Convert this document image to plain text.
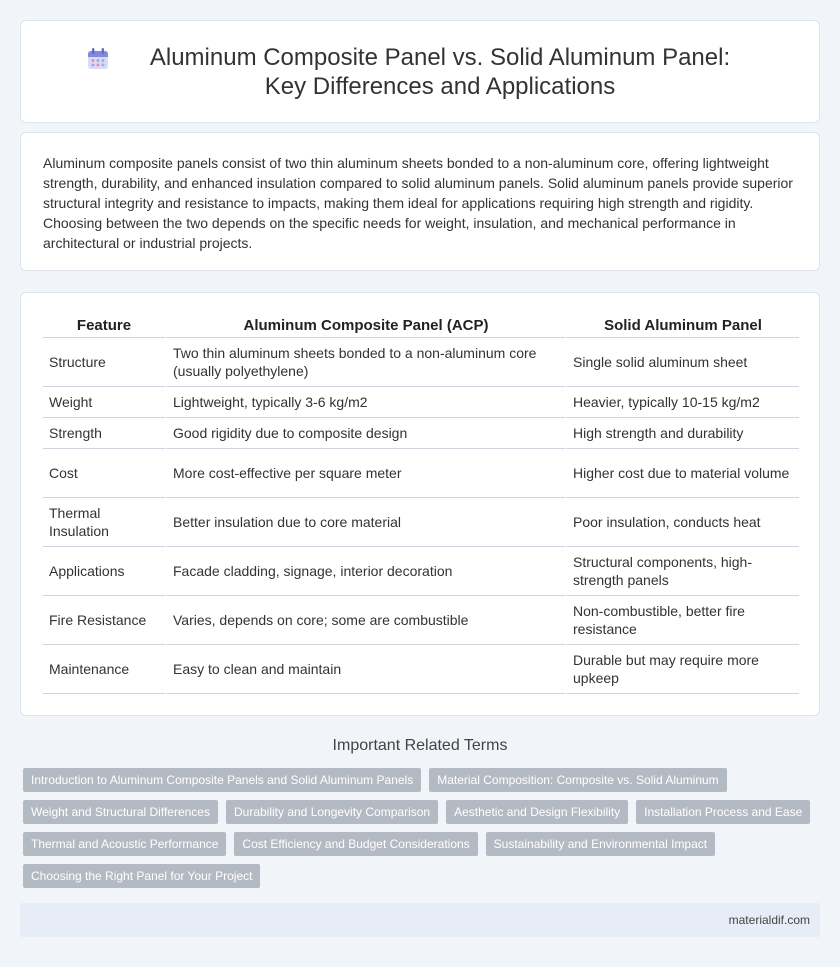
Aluminum Composite Panel vs. Solid Aluminum Panel: Key Differences and Applications

Aluminum composite panels consist of two thin aluminum sheets bonded to a non-aluminum core, offering lightweight strength, durability, and enhanced insulation compared to solid aluminum panels. Solid aluminum panels provide superior structural integrity and resistance to impacts, making them ideal for applications requiring high strength and rigidity. Choosing between the two depends on the specific needs for weight, insulation, and mechanical performance in architectural or industrial projects.

Feature	Aluminum Composite Panel (ACP)	Solid Aluminum Panel
Structure	Two thin aluminum sheets bonded to a non-aluminum core (usually polyethylene)	Single solid aluminum sheet
Weight	Lightweight, typically 3-6 kg/m2	Heavier, typically 10-15 kg/m2
Strength	Good rigidity due to composite design	High strength and durability
Cost	More cost-effective per square meter	Higher cost due to material volume
Thermal Insulation	Better insulation due to core material	Poor insulation, conducts heat
Applications	Facade cladding, signage, interior decoration	Structural components, high-strength panels
Fire Resistance	Varies, depends on core; some are combustible	Non-combustible, better fire resistance
Maintenance	Easy to clean and maintain	Durable but may require more upkeep
Important Related Terms
Introduction to Aluminum Composite Panels and Solid Aluminum Panels	Material Composition: Composite vs. Solid Aluminum
Weight and Structural Differences	Durability and Longevity Comparison	Aesthetic and Design Flexibility	Installation Process and Ease
Thermal and Acoustic Performance	Cost Efficiency and Budget Considerations	Sustainability and Environmental Impact
Choosing the Right Panel for Your Project
materialdif.com
